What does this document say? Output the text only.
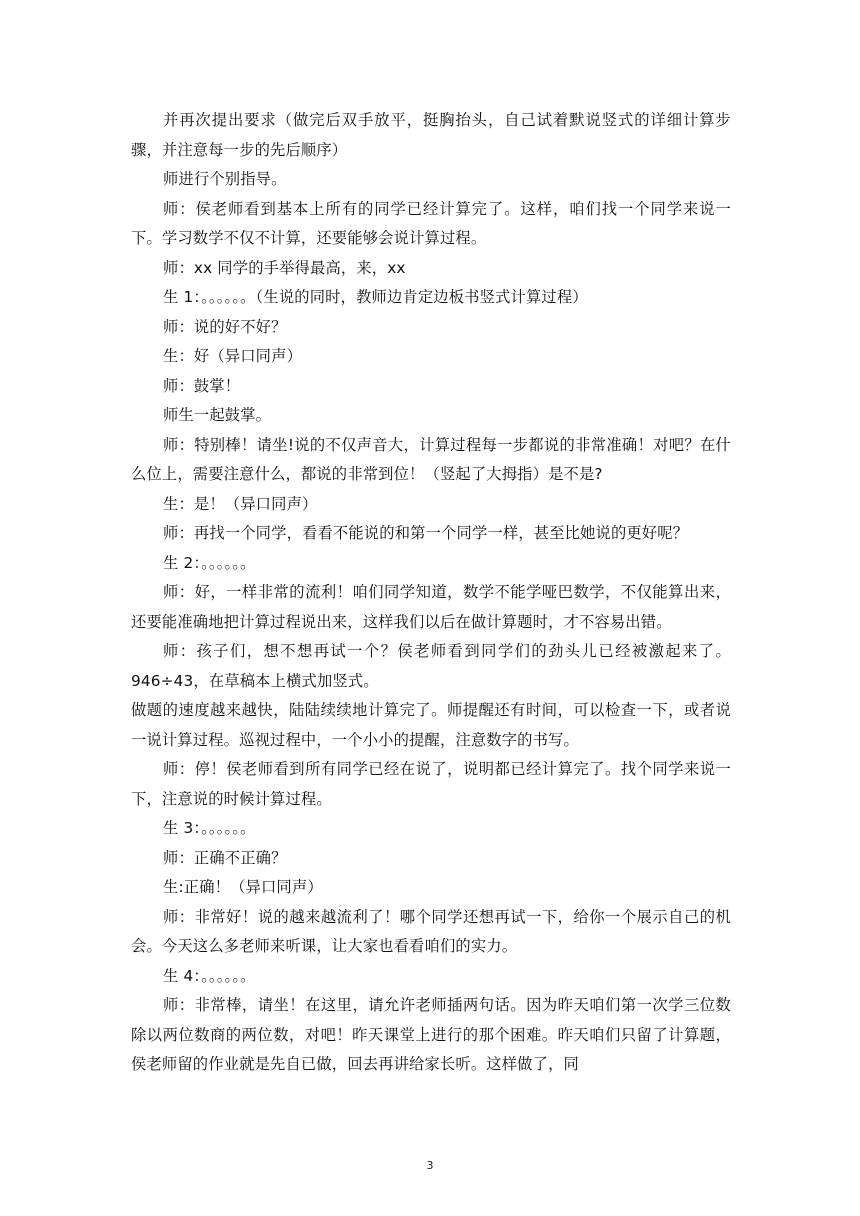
并再次提出要求（做完后双手放平，挺胸抬头，自己试着默说竖式的详细计算步骤，并注意每一步的先后顺序）

师进行个别指导。

师：侯老师看到基本上所有的同学已经计算完了。这样，咱们找一个同学来说一下。学习数学不仅不计算，还要能够会说计算过程。

师：xx 同学的手举得最高，来，xx

生 1：。。。。。。（生说的同时，教师边肯定边板书竖式计算过程）

师：说的好不好？

生：好（异口同声）

师：鼓掌！

师生一起鼓掌。

师：特别棒！请坐!说的不仅声音大，计算过程每一步都说的非常准确！对吧？在什么位上，需要注意什么，都说的非常到位！（竖起了大拇指）是不是?

生：是！（异口同声）

师：再找一个同学，看看不能说的和第一个同学一样，甚至比她说的更好呢？

生 2：。。。。。。

师：好，一样非常的流利！咱们同学知道，数学不能学哑巴数学，不仅能算出来，还要能准确地把计算过程说出来，这样我们以后在做计算题时，才不容易出错。

师：孩子们，想不想再试一个？侯老师看到同学们的劲头儿已经被激起来了。946÷43，在草稿本上横式加竖式。

做题的速度越来越快，陆陆续续地计算完了。师提醒还有时间，可以检查一下，或者说一说计算过程。巡视过程中，一个小小的提醒，注意数字的书写。

师：停！侯老师看到所有同学已经在说了，说明都已经计算完了。找个同学来说一下，注意说的时候计算过程。

生 3：。。。。。。

师：正确不正确？

生:正确！（异口同声）

师：非常好！说的越来越流利了！哪个同学还想再试一下，给你一个展示自己的机会。今天这么多老师来听课，让大家也看看咱们的实力。

生 4：。。。。。。

师：非常棒，请坐！在这里，请允许老师插两句话。因为昨天咱们第一次学三位数除以两位数商的两位数，对吧！昨天课堂上进行的那个困难。昨天咱们只留了计算题，侯老师留的作业就是先自已做，回去再讲给家长听。这样做了，同

3
